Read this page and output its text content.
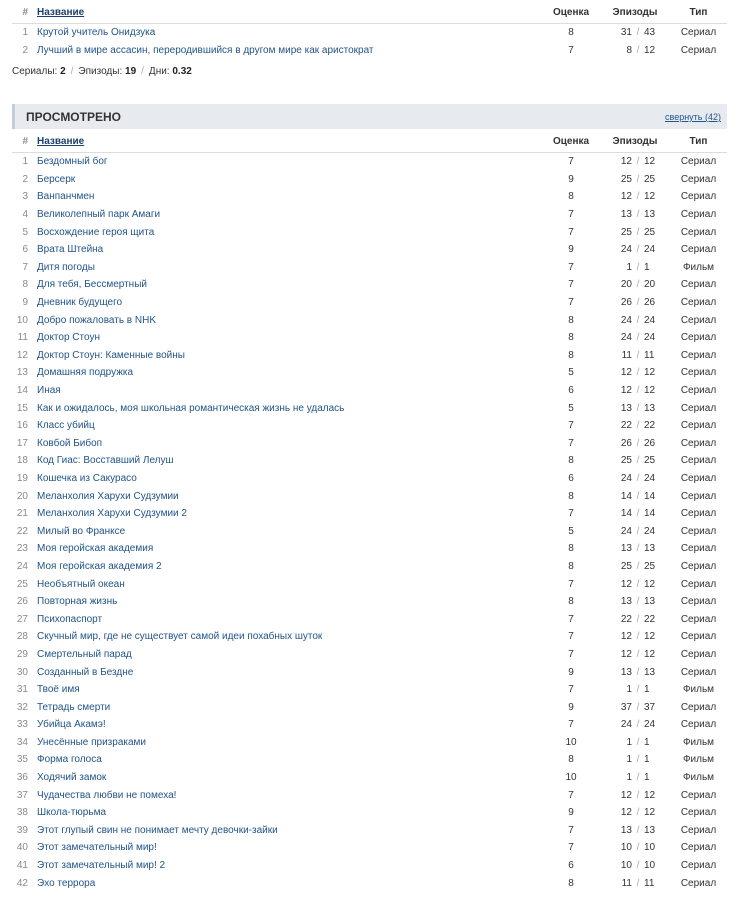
# Название	Оценка	Эпизоды	Тип
1 Крутой учитель Онидзука	8	31 / 43	Сериал
2 Лучший в мире ассасин, переродившийся в другом мире как аристократ	7	8 / 12	Сериал
Сериалы: 2 / Эпизоды: 19 / Дни: 0.32
ПРОСМОТРЕНО	свернуть (42)
# Название	Оценка	Эпизоды	Тип
1 Бездомный бог	7	12 / 12	Сериал
2 Берсерк	9	25 / 25	Сериал
3 Ванпанчмен	8	12 / 12	Сериал
4 Великолепный парк Амаги	7	13 / 13	Сериал
5 Восхождение героя щита	7	25 / 25	Сериал
6 Врата Штейна	9	24 / 24	Сериал
7 Дитя погоды	7	1 / 1	Фильм
8 Для тебя, Бессмертный	7	20 / 20	Сериал
9 Дневник будущего	7	26 / 26	Сериал
10 Добро пожаловать в NHK	8	24 / 24	Сериал
11 Доктор Стоун	8	24 / 24	Сериал
12 Доктор Стоун: Каменные войны	8	11 / 11	Сериал
13 Домашняя подружка	5	12 / 12	Сериал
14 Иная	6	12 / 12	Сериал
15 Как и ожидалось, моя школьная романтическая жизнь не удалась	5	13 / 13	Сериал
16 Класс убийц	7	22 / 22	Сериал
17 Ковбой Бибоп	7	26 / 26	Сериал
18 Код Гиас: Восставший Лелуш	8	25 / 25	Сериал
19 Кошечка из Сакурасо	6	24 / 24	Сериал
20 Меланхолия Харухи Судзумии	8	14 / 14	Сериал
21 Меланхолия Харухи Судзумии 2	7	14 / 14	Сериал
22 Милый во Франксе	5	24 / 24	Сериал
23 Моя геройская академия	8	13 / 13	Сериал
24 Моя геройская академия 2	8	25 / 25	Сериал
25 Необъятный океан	7	12 / 12	Сериал
26 Повторная жизнь	8	13 / 13	Сериал
27 Психопаспорт	7	22 / 22	Сериал
28 Скучный мир, где не существует самой идеи похабных шуток	7	12 / 12	Сериал
29 Смертельный парад	7	12 / 12	Сериал
30 Созданный в Бездне	9	13 / 13	Сериал
31 Твоё имя	7	1 / 1	Фильм
32 Тетрадь смерти	9	37 / 37	Сериал
33 Убийца Акамэ!	7	24 / 24	Сериал
34 Унесённые призраками	10	1 / 1	Фильм
35 Форма голоса	8	1 / 1	Фильм
36 Ходячий замок	10	1 / 1	Фильм
37 Чудачества любви не помеха!	7	12 / 12	Сериал
38 Школа-тюрьма	9	12 / 12	Сериал
39 Этот глупый свин не понимает мечту девочки-зайки	7	13 / 13	Сериал
40 Этот замечательный мир!	7	10 / 10	Сериал
41 Этот замечательный мир! 2	6	10 / 10	Сериал
42 Эхо террора	8	11 / 11	Сериал
